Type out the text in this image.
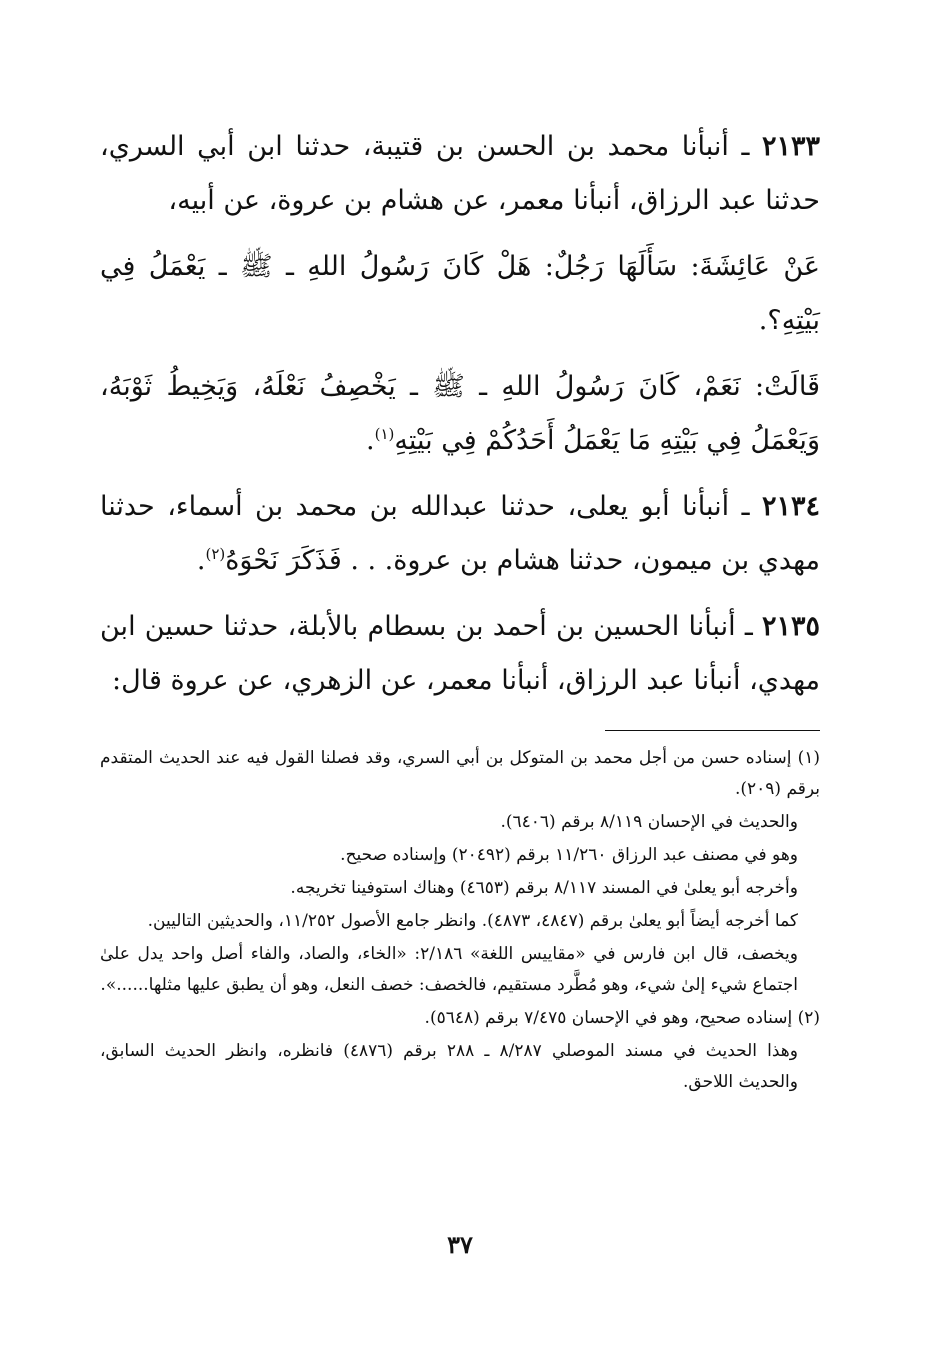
٢١٣٣ ـ أنبأنا محمد بن الحسن بن قتيبة، حدثنا ابن أبي السري، حدثنا عبد الرزاق، أنبأنا معمر، عن هشام بن عروة، عن أبيه،

عَنْ عَائِشَةَ: سَأَلَهَا رَجُلٌ: هَلْ كَانَ رَسُولُ اللهِ ـ ﷺ ـ يَعْمَلُ فِي بَيْتِهِ؟.

قَالَتْ: نَعَمْ، كَانَ رَسُولُ اللهِ ـ ﷺ ـ يَخْصِفُ نَعْلَهُ، وَيَخِيطُ ثَوْبَهُ، وَيَعْمَلُ فِي بَيْتِهِ مَا يَعْمَلُ أَحَدُكُمْ فِي بَيْتِهِ$^{(١)}$.

٢١٣٤ ـ أنبأنا أبو يعلى، حدثنا عبدالله بن محمد بن أسماء، حدثنا مهدي بن ميمون، حدثنا هشام بن عروة. . . فَذَكَرَ نَحْوَهُ$^{(٢)}$.

٢١٣٥ ـ أنبأنا الحسين بن أحمد بن بسطام بالأبلة، حدثنا حسين ابن مهدي، أنبأنا عبد الرزاق، أنبأنا معمر، عن الزهري، عن عروة قال:

(١) إسناده حسن من أجل محمد بن المتوكل بن أبي السري، وقد فصلنا القول فيه عند الحديث المتقدم برقم (٢٠٩).

والحديث في الإحسان ٨/١١٩ برقم (٦٤٠٦).

وهو في مصنف عبد الرزاق ١١/٢٦٠ برقم (٢٠٤٩٢) وإسناده صحيح.

وأخرجه أبو يعلىٰ في المسند ٨/١١٧ برقم (٤٦٥٣) وهناك استوفينا تخريجه.

كما أخرجه أيضاً أبو يعلىٰ برقم (٤٨٤٧، ٤٨٧٣). وانظر جامع الأصول ١١/٢٥٢، والحديثين التاليين.

ويخصف، قال ابن فارس في «مقاييس اللغة» ٢/١٨٦: «الخاء، والصاد، والفاء أصل واحد يدل علىٰ اجتماع شيء إلىٰ شيء، وهو مُطَّرد مستقيم، فالخصف: خصف النعل، وهو أن يطبق عليها مثلها......».

(٢) إسناده صحيح، وهو في الإحسان ٧/٤٧٥ برقم (٥٦٤٨).

وهذا الحديث في مسند الموصلي ٨/٢٨٧ ـ ٢٨٨ برقم (٤٨٧٦) فانظره، وانظر الحديث السابق، والحديث اللاحق.

٣٧
